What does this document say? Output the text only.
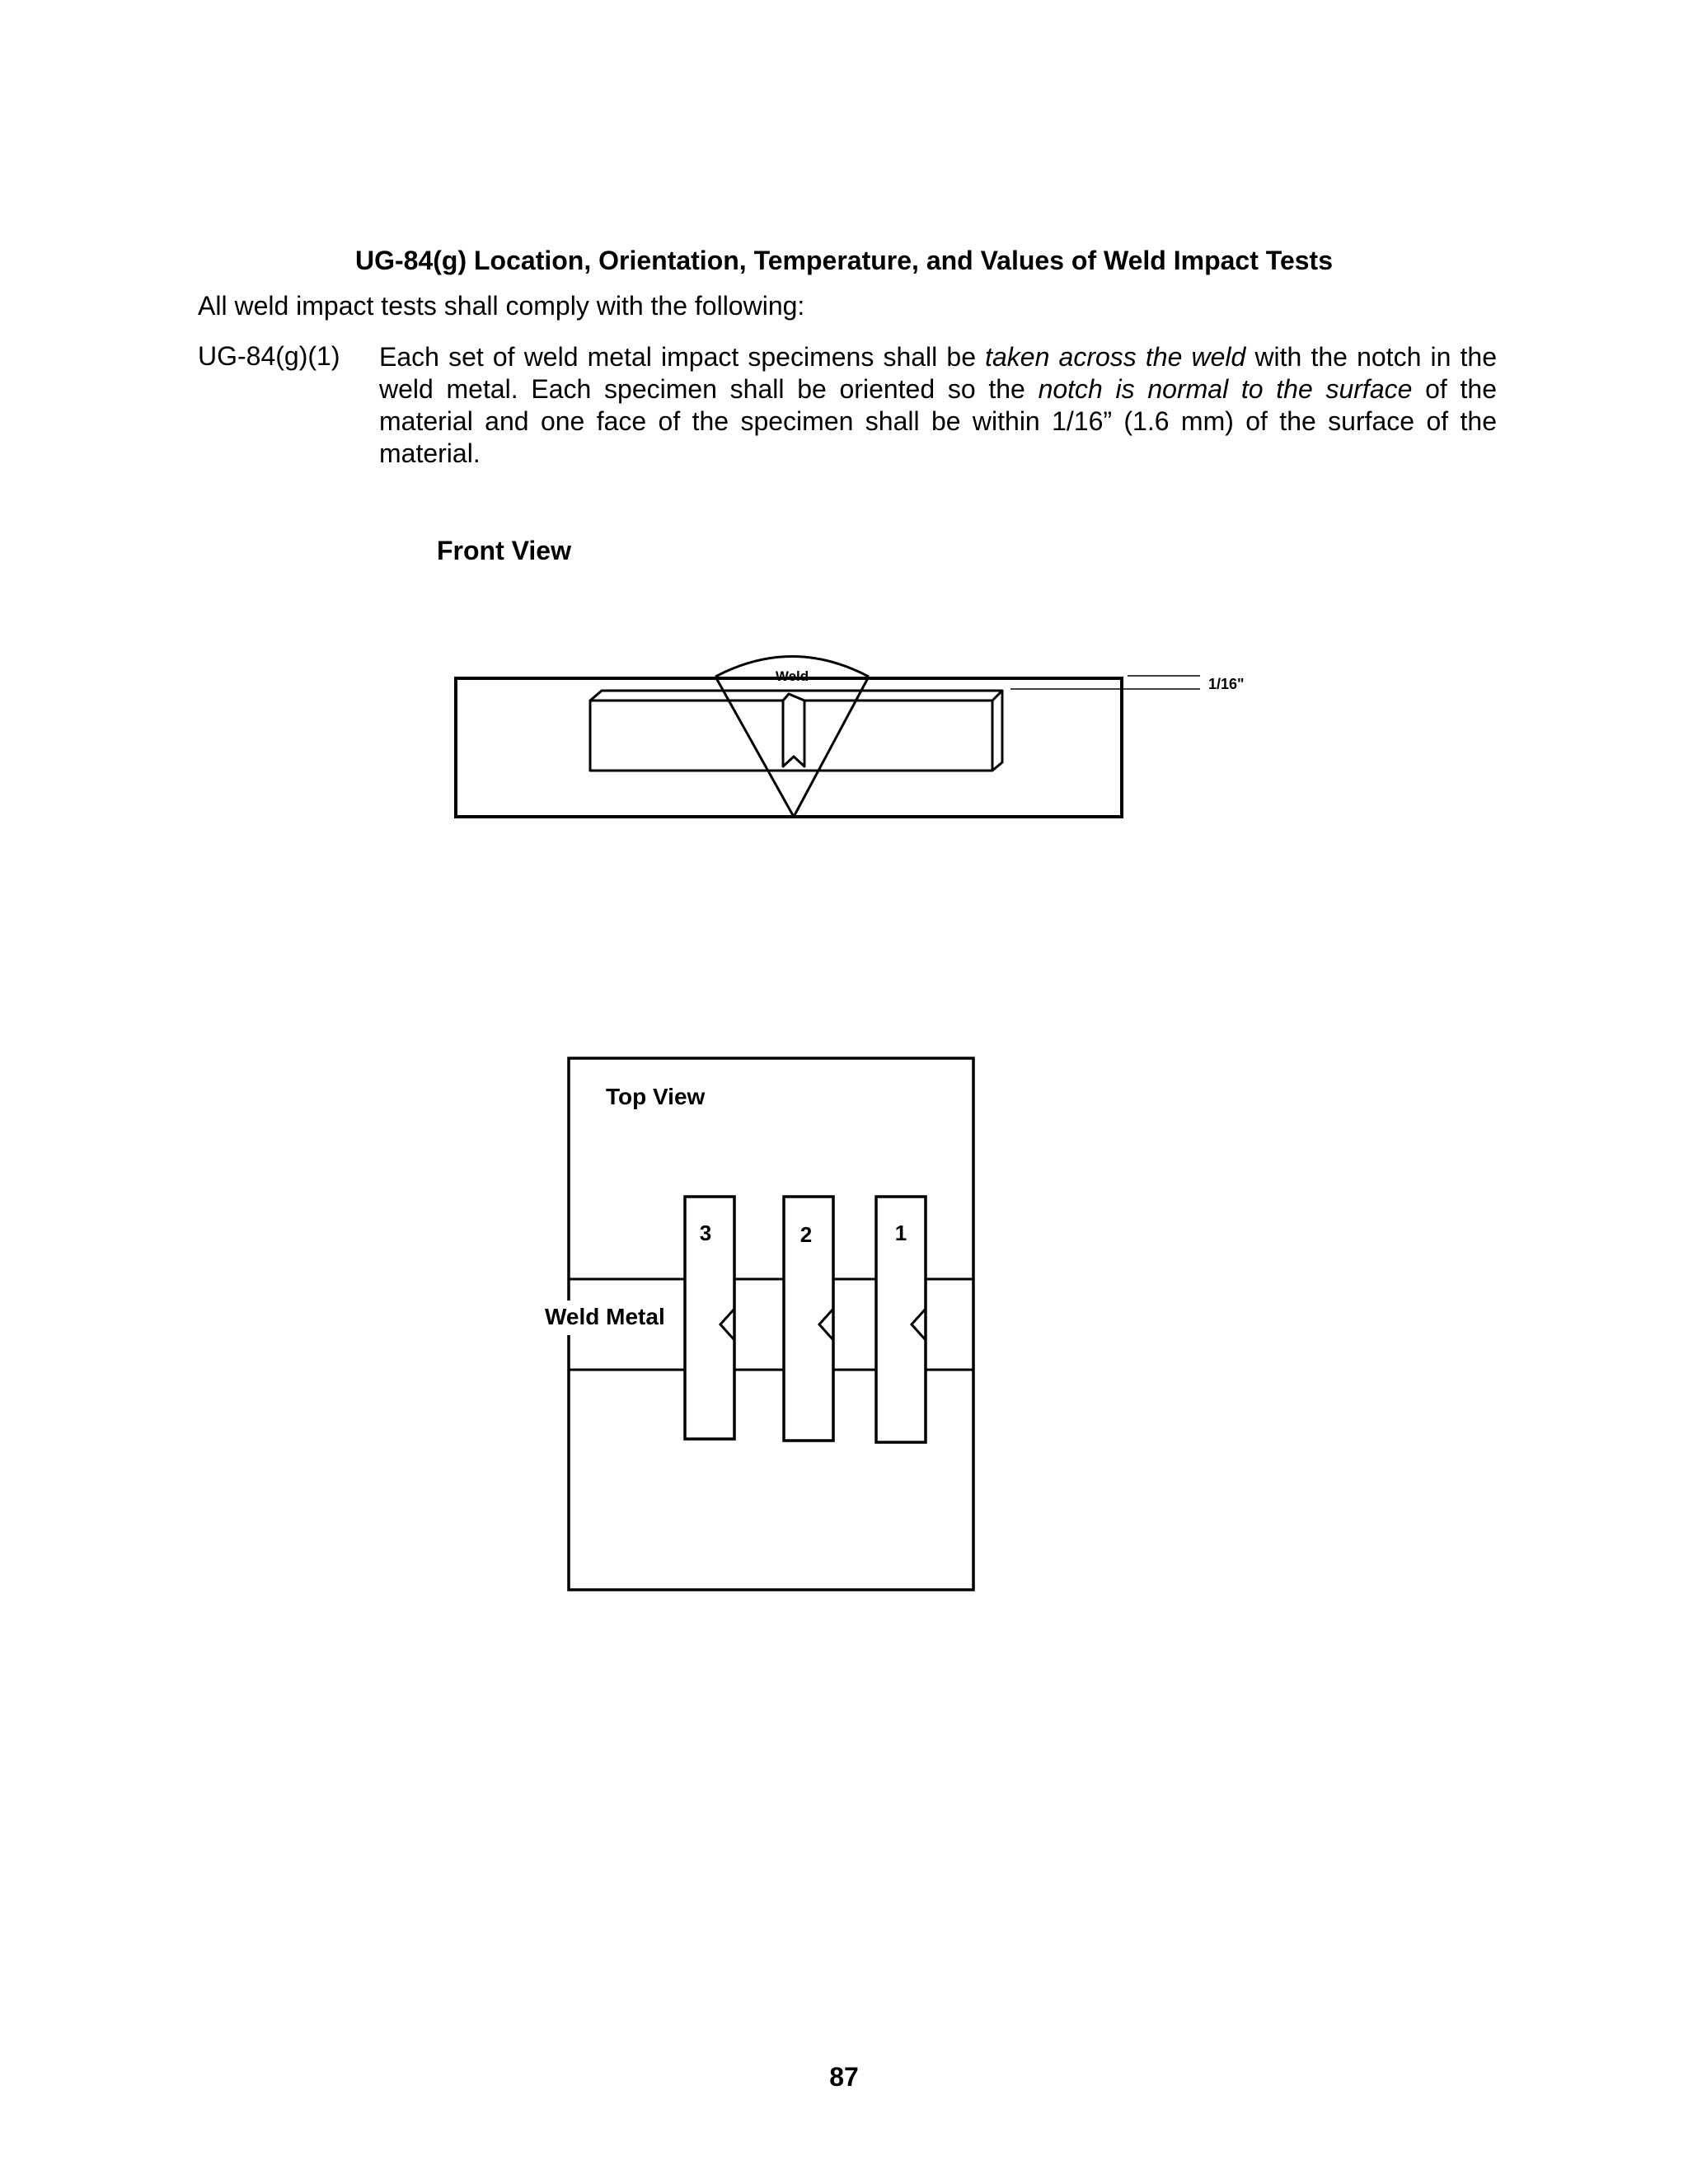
UG-84(g) Location, Orientation, Temperature, and Values of Weld Impact Tests
All weld impact tests shall comply with the following:
UG-84(g)(1) Each set of weld metal impact specimens shall be taken across the weld with the notch in the weld metal. Each specimen shall be oriented so the notch is normal to the surface of the material and one face of the specimen shall be within 1/16” (1.6 mm) of the surface of the material.
Front View
Weld	1/16"
Top View
Weld Metal
3	2	1
87
